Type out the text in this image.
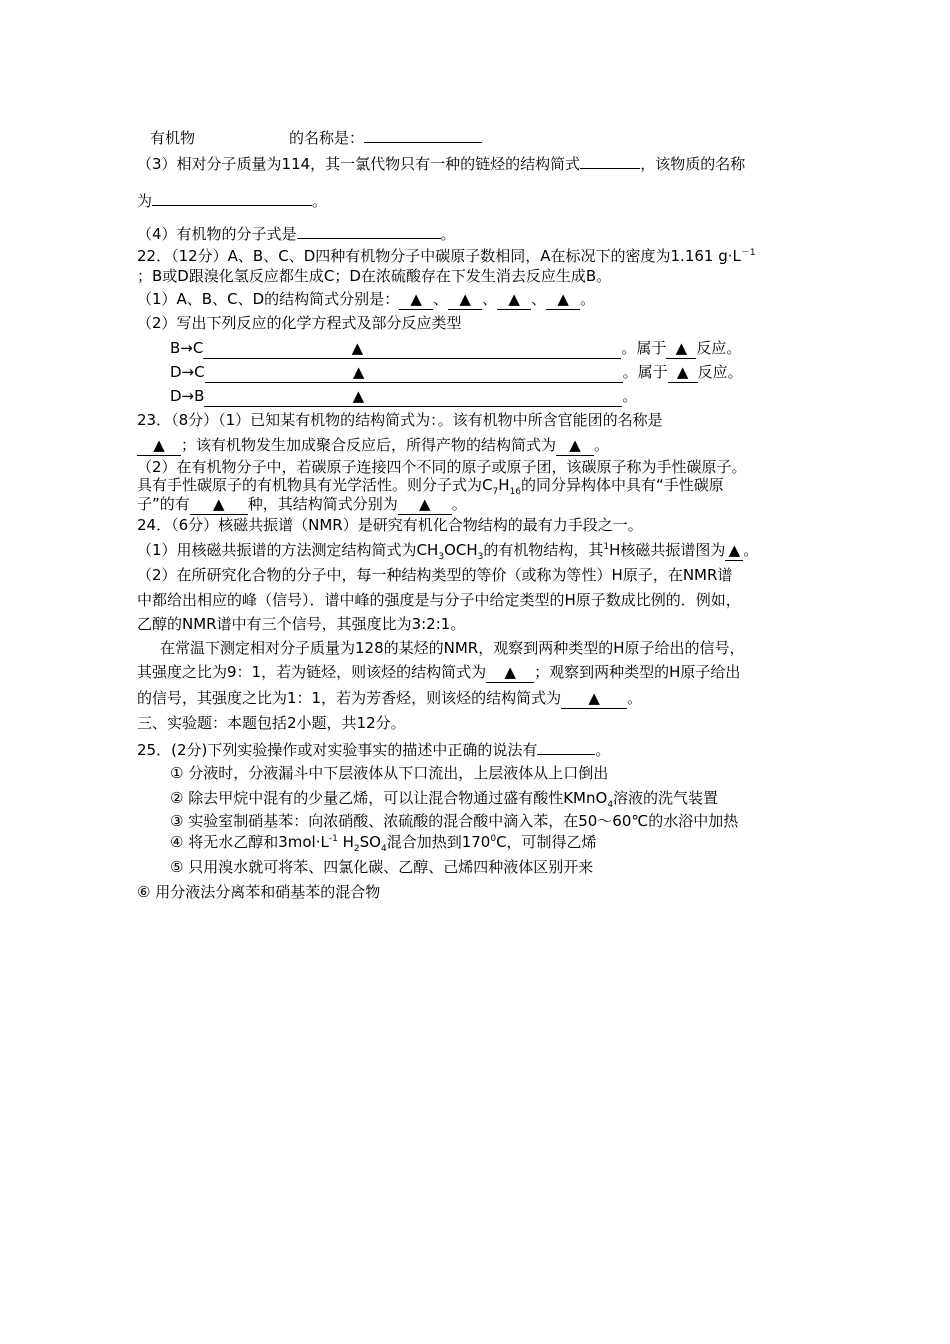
有机物	的名称是：
（3）相对分子质量为114，其一氯代物只有一种的链烃的结构简式	，该物质的名称
为	。
（4）有机物的分子式是	。
22．（12分）A、B、C、D四种有机物分子中碳原子数相同，A在标况下的密度为1.161 $g\cdot L^{-1}$
；B或D跟溴化氢反应都生成C；D在浓硫酸存在下发生消去反应生成B。
（1）A、B、C、D的结构简式分别是： ▲ 、 ▲ 、 ▲ 、 ▲ 。
（2）写出下列反应的化学方程式及部分反应类型
B→C	▲	。属于 ▲ 反应。
D→C	▲	。属于 ▲ 反应。
D→B	▲	。
23．（8分）（1）已知某有机物的结构简式为：。该有机物中所含官能团的名称是
▲ ；该有机物发生加成聚合反应后，所得产物的结构简式为 ▲ 。
（2）在有机物分子中，若碳原子连接四个不同的原子或原子团，该碳原子称为手性碳原子。
具有手性碳原子的有机物具有光学活性。则分子式为$C_7H_{16}$的同分异构体中具有“手性碳原
子”的有 ▲ 种，其结构简式分别为 ▲ 。
24．（6分）核磁共振谱（NMR）是研究有机化合物结构的最有力手段之一。
（1）用核磁共振谱的方法测定结构简式为$CH_3OCH_3$的有机物结构，其$^1$H核磁共振谱图为 ▲ 。
（2）在所研究化合物的分子中，每一种结构类型的等价（或称为等性）H原子，在NMR谱
中都给出相应的峰（信号）．谱中峰的强度是与分子中给定类型的H原子数成比例的．例如，
乙醇的NMR谱中有三个信号，其强度比为3:2:1。
在常温下测定相对分子质量为128的某烃的NMR，观察到两种类型的H原子给出的信号，
其强度之比为9：1，若为链烃，则该烃的结构简式为 ▲ ；观察到两种类型的H原子给出
的信号，其强度之比为1：1，若为芳香烃，则该烃的结构简式为 ▲ 。
三、实验题：本题包括2小题，共12分。
25．(2分)下列实验操作或对实验事实的描述中正确的说法有	。
① 分液时，分液漏斗中下层液体从下口流出，上层液体从上口倒出
② 除去甲烷中混有的少量乙烯，可以让混合物通过盛有酸性KMnO$_4$溶液的洗气装置
③ 实验室制硝基苯：向浓硝酸、浓硫酸的混合酸中滴入苯，在50～60℃的水浴中加热
④ 将无水乙醇和$3mol\cdot L^{-1}$ $H_2SO_4$混合加热到$170^0C$，可制得乙烯
⑤ 只用溴水就可将苯、四氯化碳、乙醇、己烯四种液体区别开来
⑥ 用分液法分离苯和硝基苯的混合物
